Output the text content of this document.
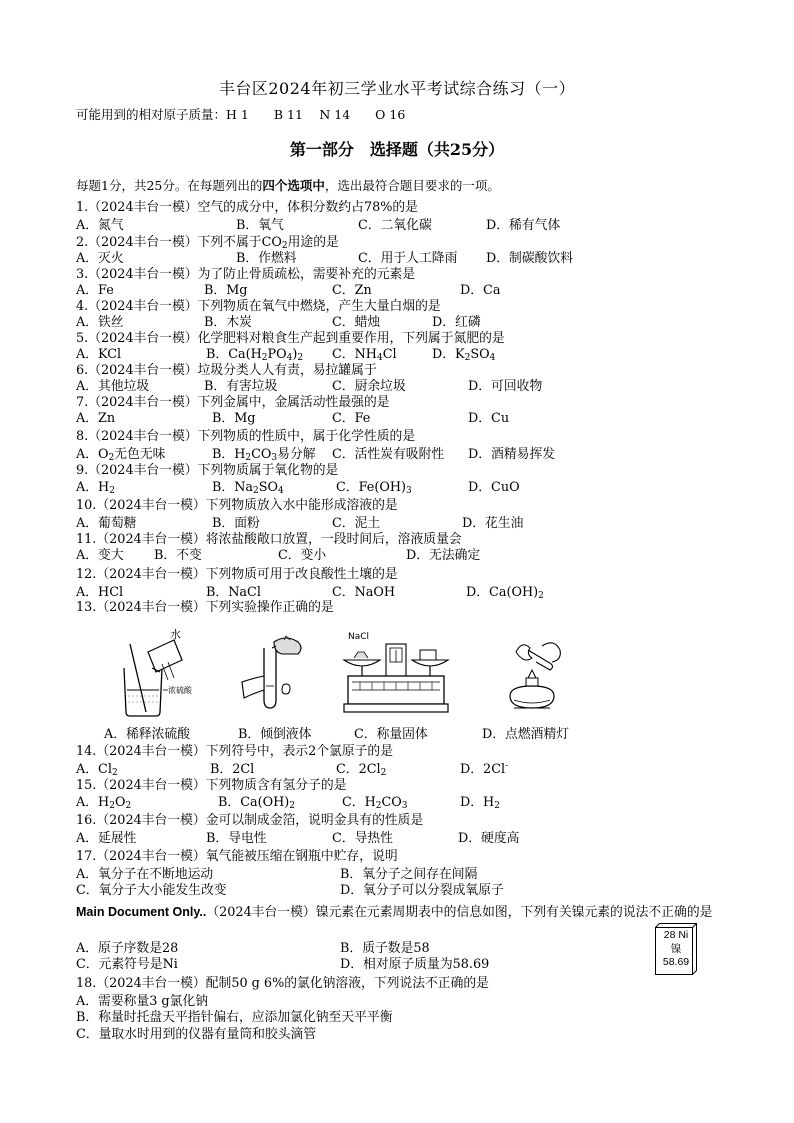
丰台区2024年初三学业水平考试综合练习（一）
可能用到的相对原子质量：H 1　　B 11　 N 14　　O 16
第一部分　选择题（共25分）
每题1分，共25分。在每题列出的四个选项中，选出最符合题目要求的一项。
1.（2024丰台一模）空气的成分中，体积分数约占78%的是
A．氮气	B．氧气	C．二氧化碳	D．稀有气体
2.（2024丰台一模）下列不属于$CO_2$用途的是
A．灭火	B．作燃料	C．用于人工降雨 D．制碳酸饮料
3.（2024丰台一模）为了防止骨质疏松，需要补充的元素是
A．Fe	B．Mg	C．Zn	D．Ca
4.（2024丰台一模）下列物质在氧气中燃烧，产生大量白烟的是
A．铁丝	B．木炭	C．蜡烛	D．红磷
5.（2024丰台一模）化学肥料对粮食生产起到重要作用，下列属于氮肥的是
A．KCl	B．$Ca(H_2PO_4)_2$ C．$NH_4Cl$	D．$K_2SO_4$
6.（2024丰台一模）垃圾分类人人有责，易拉罐属于
A．其他垃圾	B．有害垃圾	C．厨余垃圾	D．可回收物
7.（2024丰台一模）下列金属中，金属活动性最强的是
A．Zn	B．Mg	C．Fe	D．Cu
8.（2024丰台一模）下列物质的性质中，属于化学性质的是
A．$O_2$无色无味	B．$H_2CO_3$易分解 C．活性炭有吸附性 D．酒精易挥发
9.（2024丰台一模）下列物质属于氧化物的是
A．$H_2$	B．$Na_2SO_4$	C．$Fe(OH)_3$	D．CuO
10.（2024丰台一模）下列物质放入水中能形成溶液的是
A．葡萄糖	B．面粉	C．泥土	D．花生油
11.（2024丰台一模）将浓盐酸敞口放置，一段时间后，溶液质量会
A．变大 B．不变	C．变小	D．无法确定
12.（2024丰台一模）下列物质可用于改良酸性土壤的是
A．HCl	B．NaCl	C．NaOH	D．$Ca(OH)_2$
13.（2024丰台一模）下列实验操作正确的是
水
浓硫酸
NaCl
A．稀释浓硫酸	B．倾倒液体	C．称量固体	D．点燃酒精灯
14.（2024丰台一模）下列符号中，表示2个氯原子的是
A．$Cl_2$	B．2Cl	C．$2Cl_2$	D．2Cl-
15.（2024丰台一模）下列物质含有氢分子的是
A．$H_2O_2$	B．$Ca(OH)_2$	C．$H_2CO_3$	D．$H_2$
16.（2024丰台一模）金可以制成金箔，说明金具有的性质是
A．延展性	B．导电性	C．导热性	D．硬度高
17.（2024丰台一模）氧气能被压缩在钢瓶中贮存，说明
A．氧分子在不断地运动	B．氧分子之间存在间隔
C．氧分子大小能发生改变	D．氧分子可以分裂成氧原子
Main Document Only..（2024丰台一模）镍元素在元素周期表中的信息如图，下列有关镍元素的说法不正确的是
A．原子序数是28	B．质子数是58
C．元素符号是Ni	D．相对原子质量为58.69
28 Ni
镍
58.69
18.（2024丰台一模）配制50 g 6%的氯化钠溶液，下列说法不正确的是
A．需要称量3 g氯化钠
B．称量时托盘天平指针偏右，应添加氯化钠至天平平衡
C．量取水时用到的仪器有量筒和胶头滴管
